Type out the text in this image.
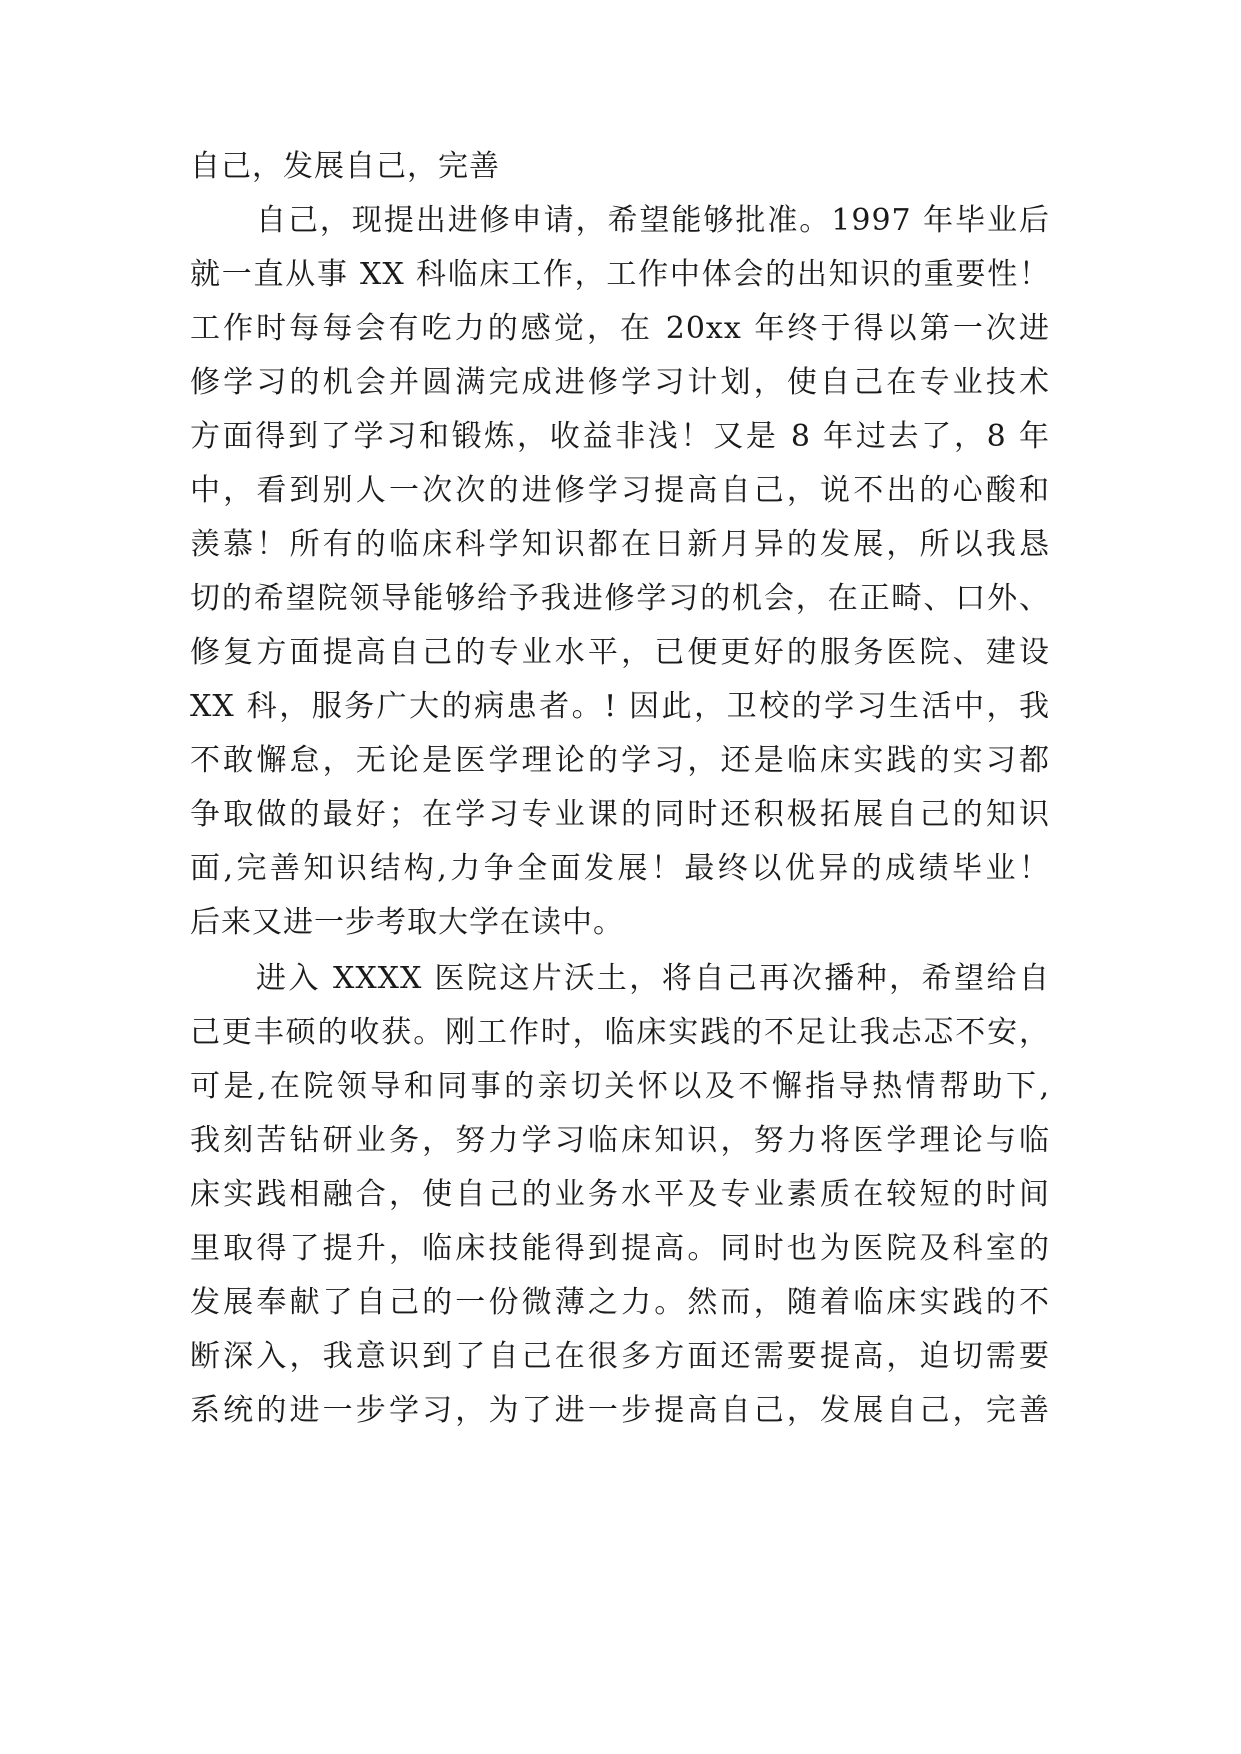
自己，发展自己，完善
自己，现提出进修申请，希望能够批准。1997 年毕业后
就一直从事 XX 科临床工作，工作中体会的出知识的重要性！
工作时每每会有吃力的感觉，在 20xx 年终于得以第一次进
修学习的机会并圆满完成进修学习计划，使自己在专业技术
方面得到了学习和锻炼，收益非浅！又是 8 年过去了，8 年
中，看到别人一次次的进修学习提高自己，说不出的心酸和
羡慕！所有的临床科学知识都在日新月异的发展，所以我恳
切的希望院领导能够给予我进修学习的机会，在正畸、口外、
修复方面提高自己的专业水平，已便更好的服务医院、建设
XX 科，服务广大的病患者。! 因此，卫校的学习生活中，我
不敢懈怠，无论是医学理论的学习，还是临床实践的实习都
争取做的最好；在学习专业课的同时还积极拓展自己的知识
面,完善知识结构,力争全面发展！最终以优异的成绩毕业！
后来又进一步考取大学在读中。
进入 XXXX 医院这片沃土，将自己再次播种，希望给自
己更丰硕的收获。刚工作时，临床实践的不足让我忐忑不安，
可是,在院领导和同事的亲切关怀以及不懈指导热情帮助下,
我刻苦钻研业务，努力学习临床知识，努力将医学理论与临
床实践相融合，使自己的业务水平及专业素质在较短的时间
里取得了提升，临床技能得到提高。同时也为医院及科室的
发展奉献了自己的一份微薄之力。然而，随着临床实践的不
断深入，我意识到了自己在很多方面还需要提高，迫切需要
系统的进一步学习，为了进一步提高自己，发展自己，完善
